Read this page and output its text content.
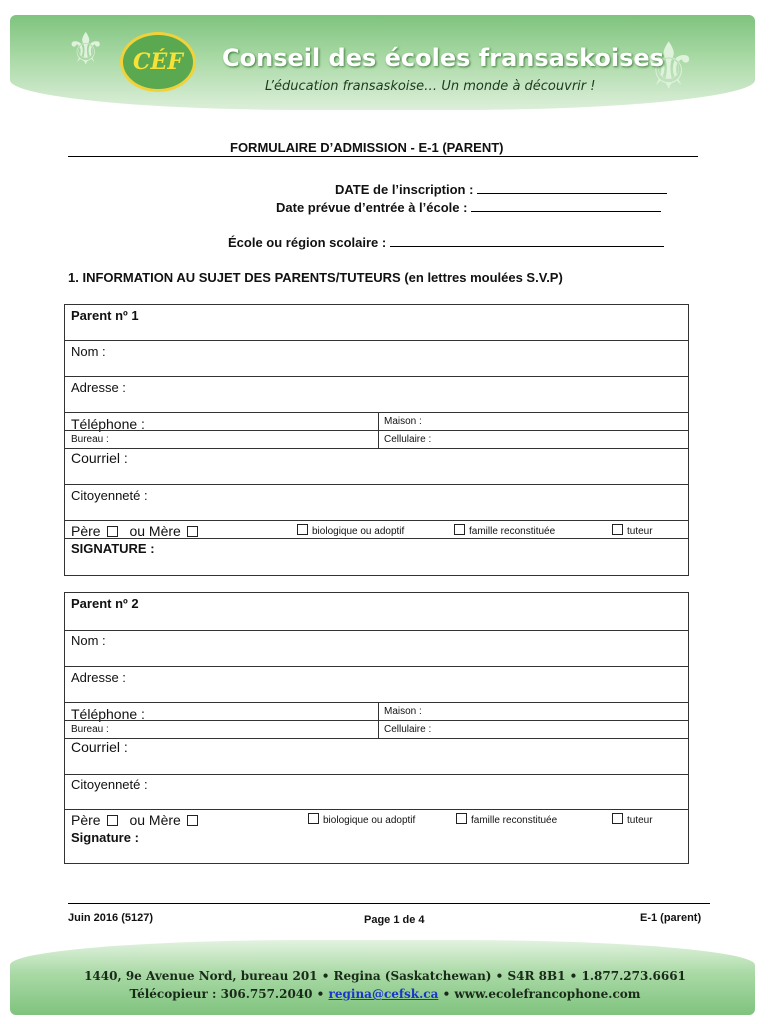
⚜	⚜
CÉF Conseil des écoles fransaskoises
L’éducation fransaskoise… Un monde à découvrir !
FORMULAIRE D’ADMISSION - E-1 (PARENT)
DATE de l’inscription :
Date prévue d’entrée à l’école :
École ou région scolaire :
1. INFORMATION AU SUJET DES PARENTS/TUTEURS (en lettres moulées S.V.P)
Parent nº 1
Nom :
Adresse :
Téléphone :	Maison :
Bureau :	Cellulaire :
Courriel :
Citoyenneté :
Père ou Mère	biologique ou adoptif	famille reconstituée	tuteur
SIGNATURE :
Parent nº 2
Nom :
Adresse :
Téléphone :	Maison :
Bureau :	Cellulaire :
Courriel :
Citoyenneté :
Père ou Mère	biologique ou adoptif	famille reconstituée	tuteur
Signature :
Juin 2016 (5127)	Page 1 de 4	E-1 (parent)
1440, 9e Avenue Nord, bureau 201 • Regina (Saskatchewan) • S4R 8B1 • 1.877.273.6661
Télécopieur : 306.757.2040 • regina@cefsk.ca • www.ecolefrancophone.com
